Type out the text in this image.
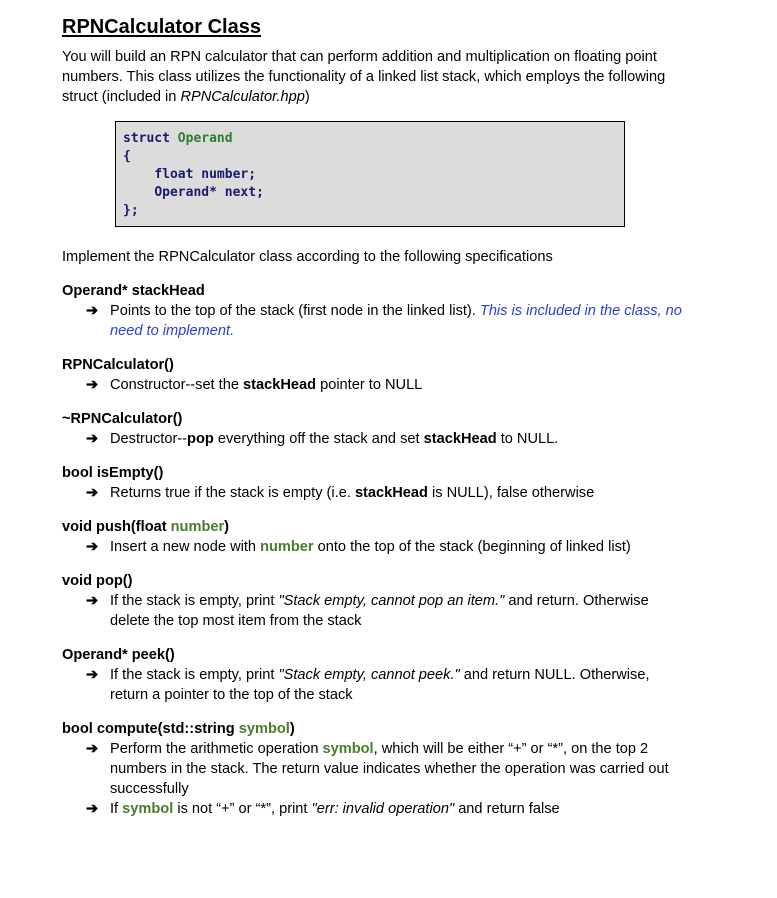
RPNCalculator Class

You will build an RPN calculator that can perform addition and multiplication on floating point

numbers. This class utilizes the functionality of a linked list stack, which employs the following

struct (included in RPNCalculator.hpp)

struct Operand
{
float number;
Operand* next;
};
Implement the RPNCalculator class according to the following specifications
Operand* stackHead
➔ Points to the top of the stack (first node in the linked list). This is included in the class, no
need to implement.
RPNCalculator()
➔ Constructor--set the stackHead pointer to NULL
~RPNCalculator()
➔ Destructor--pop everything off the stack and set stackHead to NULL.
bool isEmpty()
➔ Returns true if the stack is empty (i.e. stackHead is NULL), false otherwise
void push(float number)
➔ Insert a new node with number onto the top of the stack (beginning of linked list)
void pop()
➔ If the stack is empty, print "Stack empty, cannot pop an item." and return. Otherwise
delete the top most item from the stack
Operand* peek()
➔ If the stack is empty, print "Stack empty, cannot peek." and return NULL. Otherwise,
return a pointer to the top of the stack
bool compute(std::string symbol)
➔ Perform the arithmetic operation symbol, which will be either “+” or “*”, on the top 2
numbers in the stack. The return value indicates whether the operation was carried out
successfully
➔ If symbol is not “+” or “*”, print "err: invalid operation" and return false
